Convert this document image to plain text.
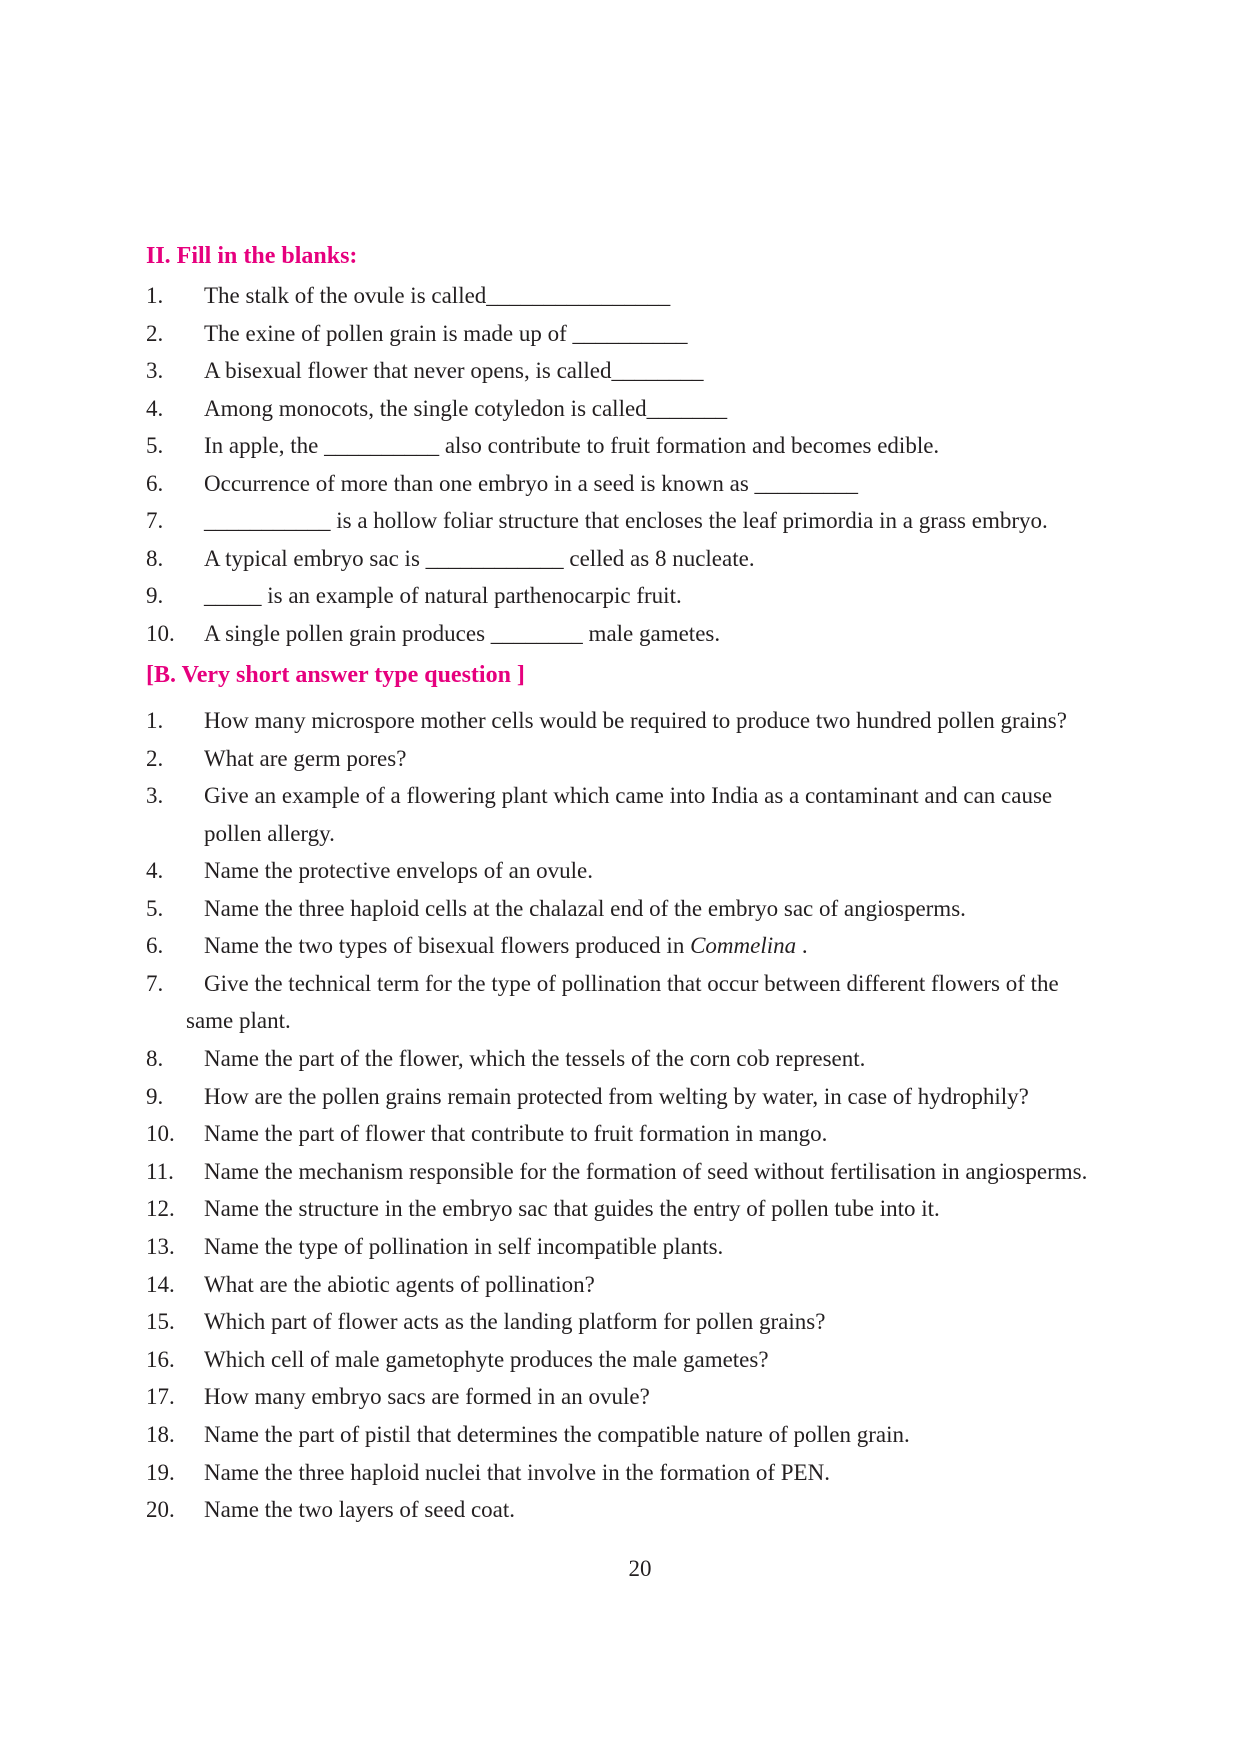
II. Fill in the blanks:
1. The stalk of the ovule is called________________
2. The exine of pollen grain is made up of __________
3. A bisexual flower that never opens, is called________
4. Among monocots, the single cotyledon is called_______
5. In apple, the __________ also contribute to fruit formation and becomes edible.
6. Occurrence of more than one embryo in a seed is known as _________
7. ___________ is a hollow foliar structure that encloses the leaf primordia in a grass embryo.
8. A typical embryo sac is ____________ celled as 8 nucleate.
9. _____ is an example of natural parthenocarpic fruit.
10. A single pollen grain produces ________ male gametes.
[B. Very short answer type question ]
1. How many microspore mother cells would be required to produce two hundred pollen grains?
2. What are germ pores?
3. Give an example of a flowering plant which came into India as a contaminant and can cause
pollen allergy.
4. Name the protective envelops of an ovule.
5. Name the three haploid cells at the chalazal end of the embryo sac of angiosperms.
6. Name the two types of bisexual flowers produced in Commelina .
7. Give the technical term for the type of pollination that occur between different flowers of the
same plant.
8. Name the part of the flower, which the tessels of the corn cob represent.
9. How are the pollen grains remain protected from welting by water, in case of hydrophily?
10. Name the part of flower that contribute to fruit formation in mango.
11. Name the mechanism responsible for the formation of seed without fertilisation in angiosperms.
12. Name the structure in the embryo sac that guides the entry of pollen tube into it.
13. Name the type of pollination in self incompatible plants.
14. What are the abiotic agents of pollination?
15. Which part of flower acts as the landing platform for pollen grains?
16. Which cell of male gametophyte produces the male gametes?
17. How many embryo sacs are formed in an ovule?
18. Name the part of pistil that determines the compatible nature of pollen grain.
19. Name the three haploid nuclei that involve in the formation of PEN.
20. Name the two layers of seed coat.

20
